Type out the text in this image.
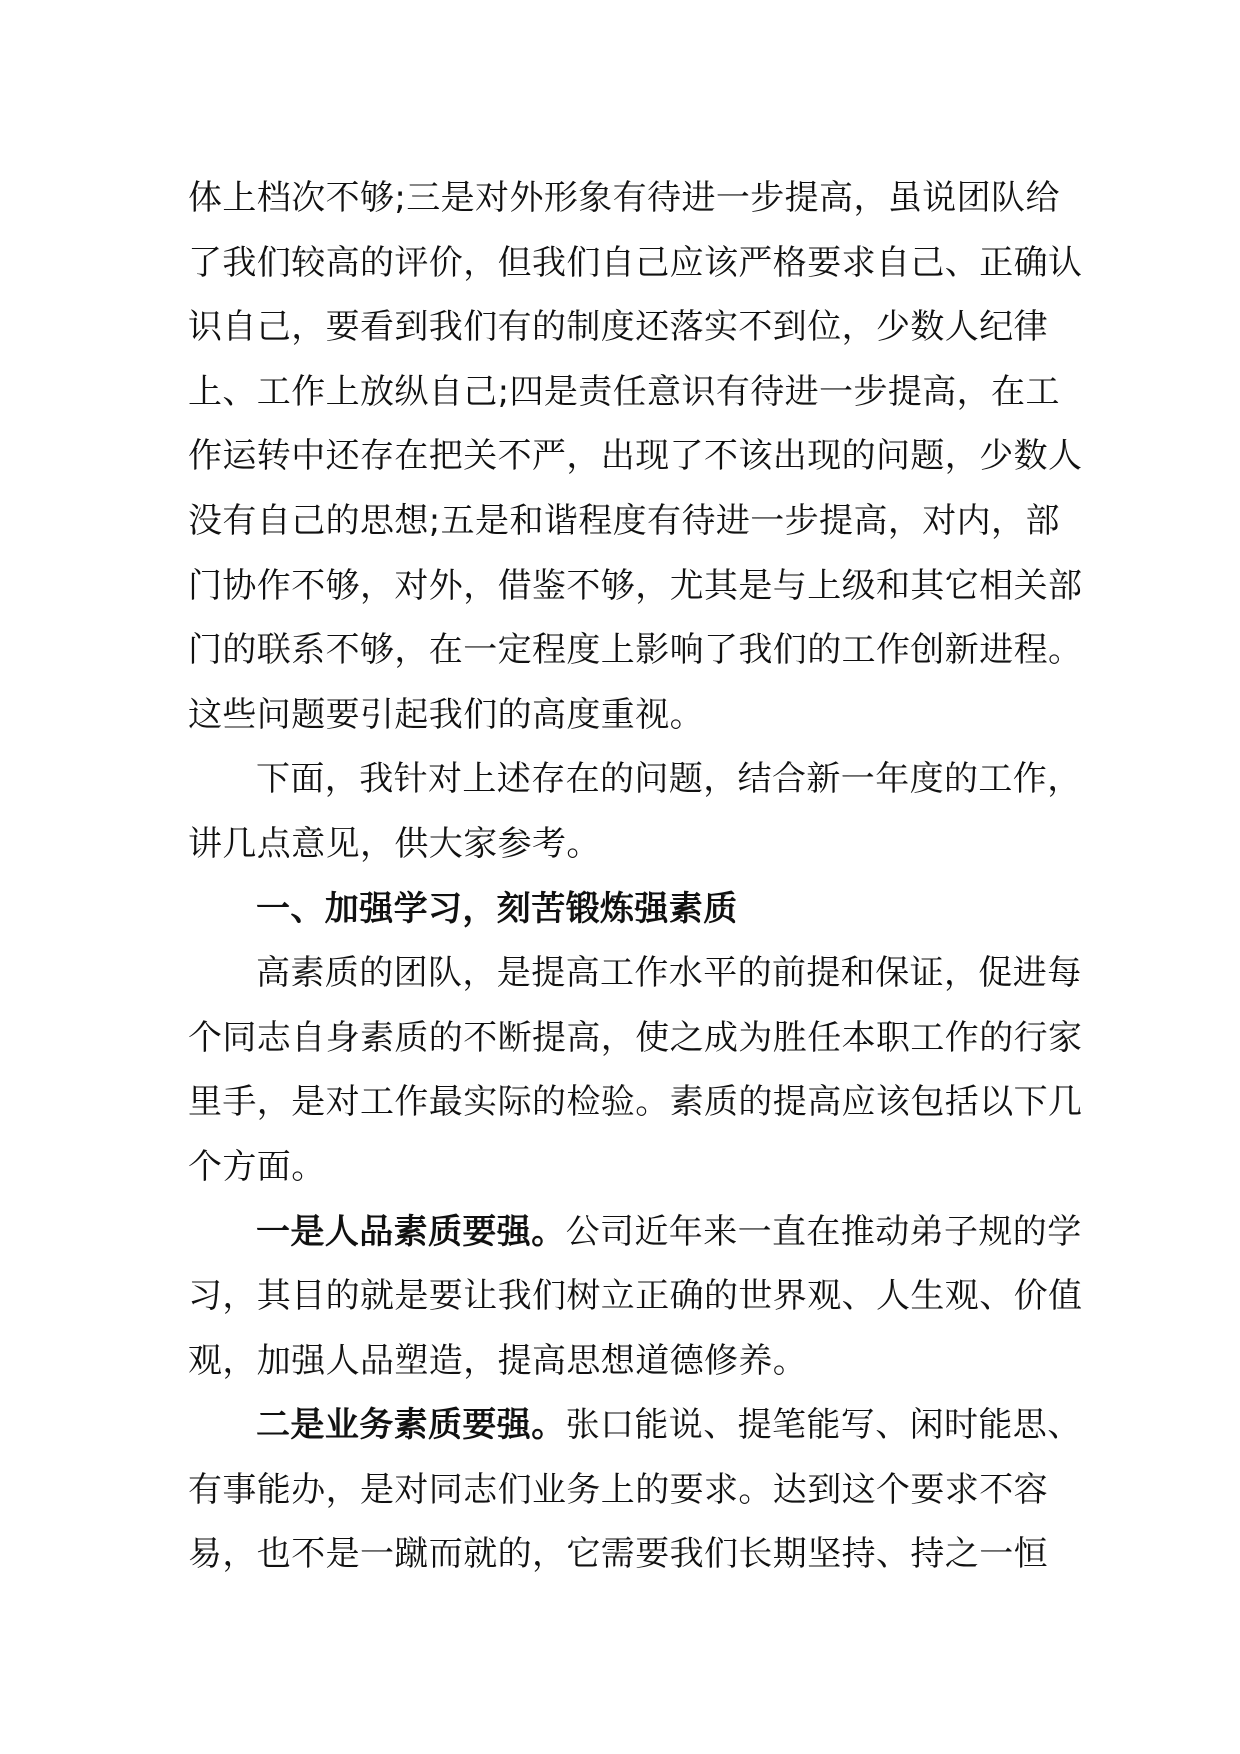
体上档次不够;三是对外形象有待进一步提高，虽说团队给了我们较高的评价，但我们自己应该严格要求自己、正确认识自己，要看到我们有的制度还落实不到位，少数人纪律上、工作上放纵自己;四是责任意识有待进一步提高，在工作运转中还存在把关不严，出现了不该出现的问题，少数人没有自己的思想;五是和谐程度有待进一步提高，对内，部门协作不够，对外，借鉴不够，尤其是与上级和其它相关部门的联系不够，在一定程度上影响了我们的工作创新进程。这些问题要引起我们的高度重视。

下面，我针对上述存在的问题，结合新一年度的工作，讲几点意见，供大家参考。

一、加强学习，刻苦锻炼强素质

高素质的团队，是提高工作水平的前提和保证，促进每个同志自身素质的不断提高，使之成为胜任本职工作的行家里手，是对工作最实际的检验。素质的提高应该包括以下几个方面。

一是人品素质要强。公司近年来一直在推动弟子规的学习，其目的就是要让我们树立正确的世界观、人生观、价值观，加强人品塑造，提高思想道德修养。

二是业务素质要强。张口能说、提笔能写、闲时能思、有事能办，是对同志们业务上的要求。达到这个要求不容易，也不是一蹴而就的，它需要我们长期坚持、持之一恒
